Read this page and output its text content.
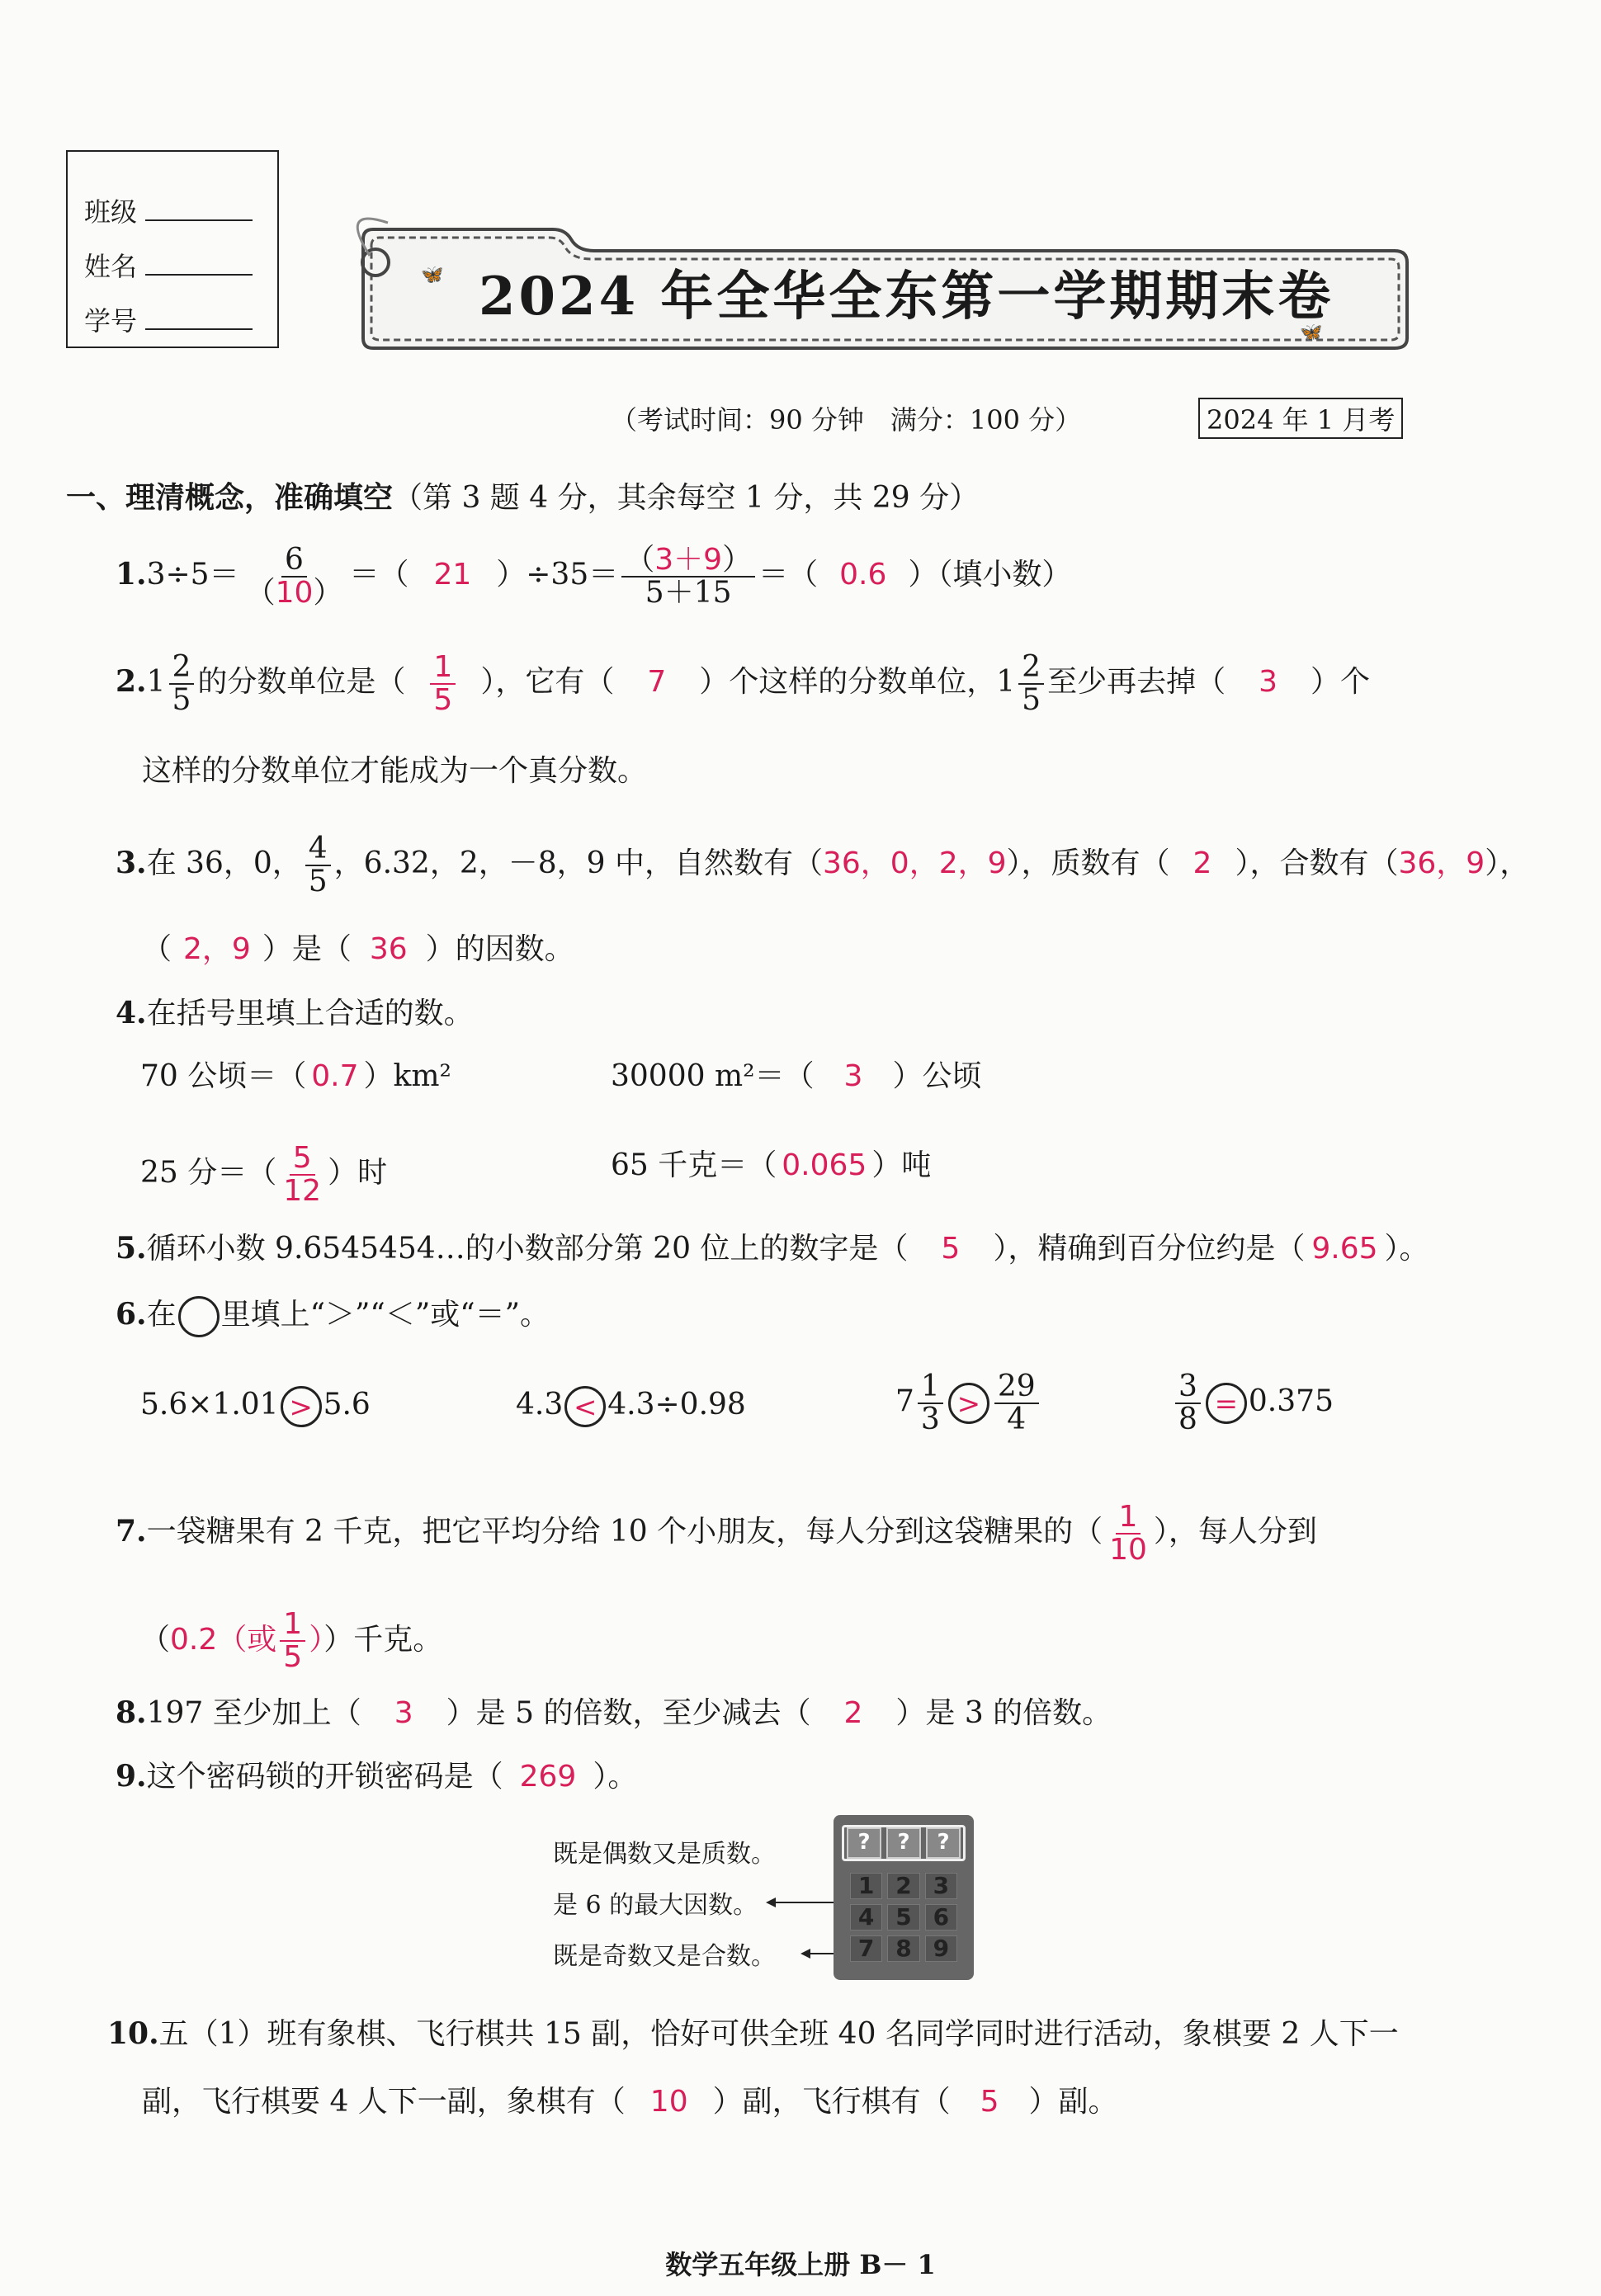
班级
姓名
学号
🦋
🦋
2024 年全华全东第一学期期末卷
（考试时间：90 分钟　满分：100 分）	2024 年 1 月考
一、理清概念，准确填空（第 3 题 4 分，其余每空 1 分，共 29 分）
$1.3\div 5= \frac{6}{(10)}$ ＝（ 21 ）$\div 35= \frac{(3+9)}{5+15}$ ＝（ 0.6 ）（填小数）
$2.1 \frac{2}{5}$ 的分数单位是（ $\frac{1}{5}$ ），它有（ 7 ）个这样的分数单位，$1 \frac{2}{5}$ 至少再去掉（ 3 ）个
这样的分数单位才能成为一个真分数。
3.在 36，0， $\frac{4}{5}$ ，6.32，2，－8，9 中，自然数有（36，0，2，9），质数有（ 2 ），合数有（36，9），
（ 2，9 ）是（ 36 ）的因数。
4.在括号里填上合适的数。
70 公顷＝（ 0.7 ）km²	30000 m²＝（ 3 ）公顷
25 分＝（ $\frac{5}{12}$ ）时	65 千克＝（ 0.065 ）吨
5.循环小数 9.6545454…的小数部分第 20 位上的数字是（ 5 ），精确到百分位约是（ 9.65 ）。
6.在 里填上“＞”“＜”或“＝”。
5.6×1.01 > 5.6	4.3 < 4.3÷0.98	$7 \frac{1}{3} > \frac{29}{4}$	$\frac{3}{8} = 0.375$
7.一袋糖果有 2 千克，把它平均分给 10 个小朋友，每人分到这袋糖果的（ $\frac{1}{10}$ ），每人分到
（0.2（或 $\frac{1}{5}$ ））千克。
8.197 至少加上（ 3 ）是 5 的倍数，至少减去（ 2 ）是 3 的倍数。
9.这个密码锁的开锁密码是（ 269 ）。
既是偶数又是质数。
是 6 的最大因数。
既是奇数又是合数。
?	?	?
1 2 3
4 5 6
7 8 9
10.五（1）班有象棋、飞行棋共 15 副，恰好可供全班 40 名同学同时进行活动，象棋要 2 人下一
副，飞行棋要 4 人下一副，象棋有（ 10 ）副，飞行棋有（ 5 ）副。
数学五年级上册 B－ 1
